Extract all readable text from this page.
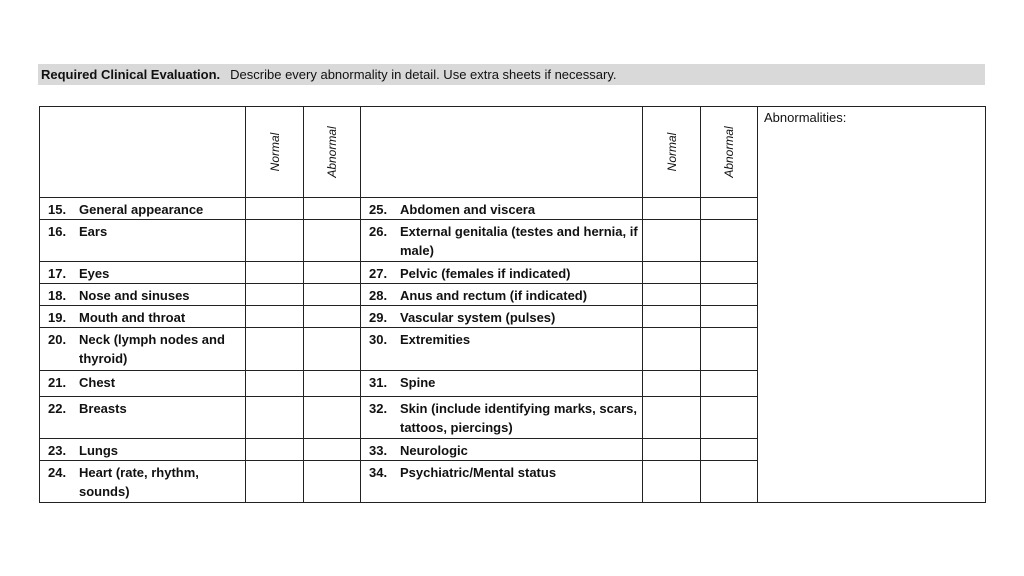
Required Clinical Evaluation. Describe every abnormality in detail. Use extra sheets if necessary.

	Normal	Abnormal		Normal	Abnormal	Abnormalities:

15. General appearance			25. Abdomen and viscera			

16. Ears			26. External genitalia (testes and hernia, if male)			

17. Eyes			27. Pelvic (females if indicated)			

18. Nose and sinuses			28. Anus and rectum (if indicated)			

19. Mouth and throat			29. Vascular system (pulses)			

20. Neck (lymph nodes and thyroid)			30. Extremities			

21. Chest			31. Spine			

22. Breasts			32. Skin (include identifying marks, scars, tattoos, piercings)			

23. Lungs			33. Neurologic			

24. Heart (rate, rhythm, sounds)			34. Psychiatric/Mental status			
